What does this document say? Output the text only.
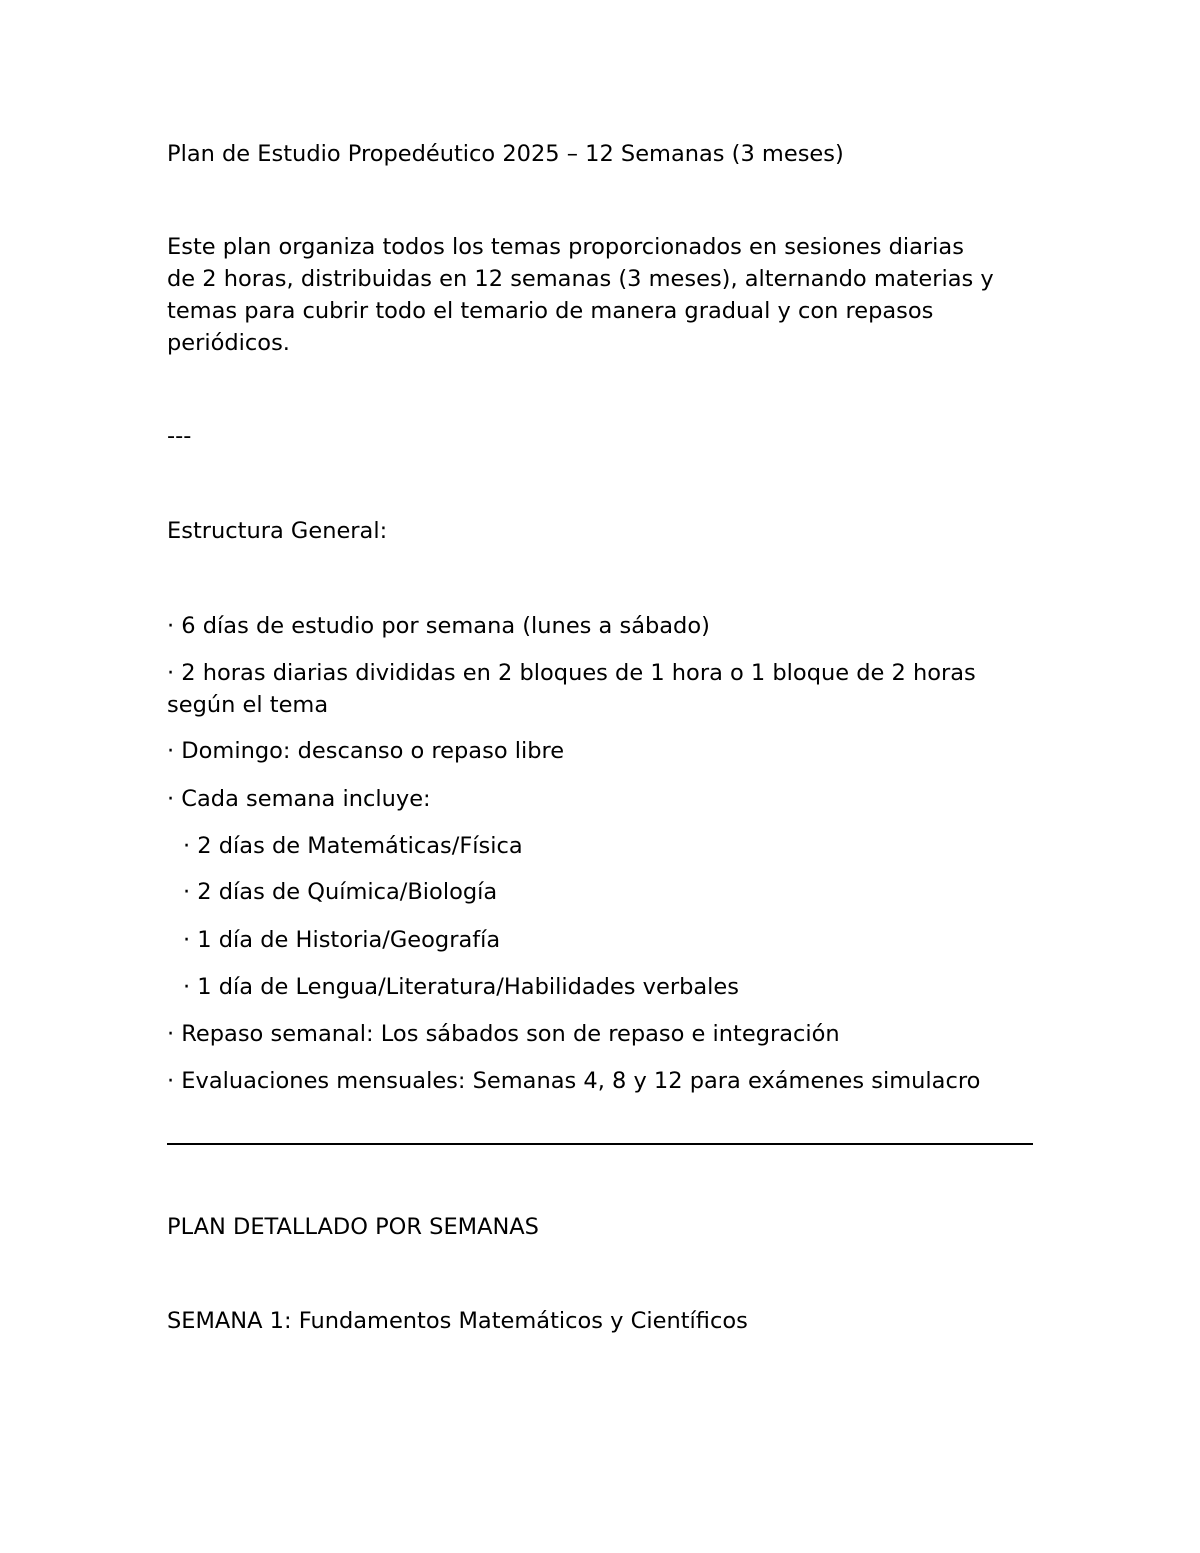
Plan de Estudio Propedéutico 2025 – 12 Semanas (3 meses)

Este plan organiza todos los temas proporcionados en sesiones diarias

de 2 horas, distribuidas en 12 semanas (3 meses), alternando materias y

temas para cubrir todo el temario de manera gradual y con repasos

periódicos.

---

Estructura General:

· 6 días de estudio por semana (lunes a sábado)

· 2 horas diarias divididas en 2 bloques de 1 hora o 1 bloque de 2 horas

según el tema

· Domingo: descanso o repaso libre

· Cada semana incluye:

· 2 días de Matemáticas/Física

· 2 días de Química/Biología

· 1 día de Historia/Geografía

· 1 día de Lengua/Literatura/Habilidades verbales

· Repaso semanal: Los sábados son de repaso e integración

· Evaluaciones mensuales: Semanas 4, 8 y 12 para exámenes simulacro

PLAN DETALLADO POR SEMANAS

SEMANA 1: Fundamentos Matemáticos y Científicos
